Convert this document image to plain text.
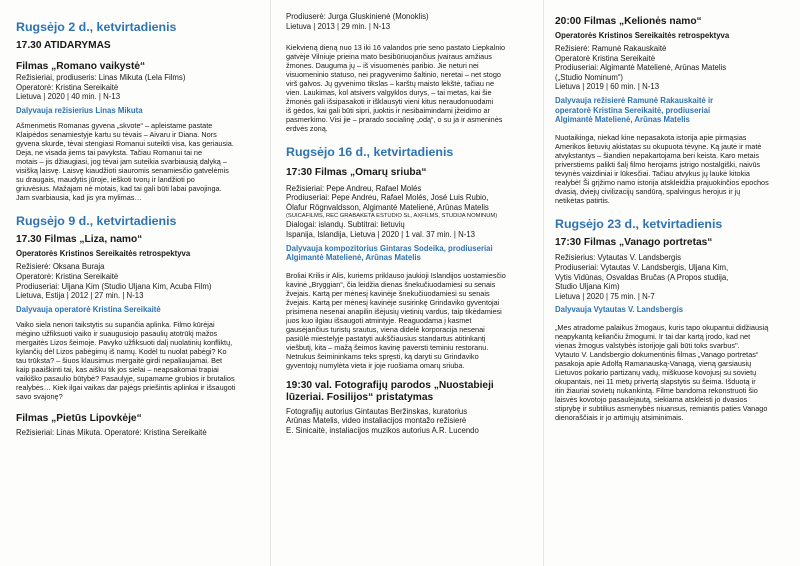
Rugsėjo 2 d., ketvirtadienis
17.30 ATIDARYMAS
Filmas „Romano vaikystė“
Režisieriai, prodiuseris: Linas Mikuta (Lela Films)
Operatorė: Kristina Sereikaitė
Lietuva | 2020 | 40 min. | N-13

Dalyvauja režisierius Linas Mikuta

Ašmenmetis Romanas gyvena „skvote“ – apleistame pastate
Klaipėdos senamiestyje kartu su tėvais – Aivaru ir Diana. Nors
gyvena skurde, tėvai stengiasi Romanui suteikti visa, kas geriausia.
Deja, ne visada jiems tai pavyksta. Tačiau Romanui tai ne
motais – jis džiaugiasi, jog tėvai jam suteikia svarbiausią dalyką –
visišką laisvę. Laisvę kiaudžioti siauromis senamiesčio gatvelėmis
su draugais, maudytis jūroje, ieškoti tvorų ir landžioti po
griuvėsius. Mažajam nė motais, kad tai gali būti labai pavojinga.
Jam svarbiausia, kad jis yra mylimas…
Rugsėjo 9 d., ketvirtadienis
17.30 Filmas „Liza, namo“

Operatorės Kristinos Sereikaitės retrospektyva

Režisierė: Oksana Buraja
Operatorė: Kristina Sereikaitė
Prodiuseriai: Uljana Kim (Studio Uljana Kim, Acuba Film)
Lietuva, Estija | 2012 | 27 min. | N-13

Dalyvauja operatorė Kristina Sereikaitė

Vaiko siela nenori taikstytis su supančia aplinka. Filmo kūrėjai
mėgino užfiksuoti vaiko ir suaugusiojo pasaulių atotrūkį mažos
mergaitės Lizos šeimoje. Pavyko užfiksuoti dalį nuolatinių konfliktų,
kylančių dėl Lizos pabėgimų iš namų. Kodėl tu nuolat pabėgi? Ko
tau trūksta? – šiuos klausimus mergaitė girdi nepaliaujamai. Bet
kaip paaiškinti tai, kas aišku tik jos sielai – neapsakomai trapiai
vaikiško pasaulio būtybė? Pasaulyje, supamame grubios ir brutalios
realybės… Kiek ilgai vaikas dar pajėgs priešintis aplinkai ir išsaugoti
savo svajonę?
Filmas „Pietūs Lipovkėje“

Režisieriai: Linas Mikuta. Operatorė: Kristina Sereikaitė

Prodiuserė: Jurga Gluskinienė (Monoklis)
Lietuva | 2013 | 29 min. | N-13
Kiekvieną dieną nuo 13 iki 16 valandos prie seno pastato Liepkalnio
gatvėje Vilniuje prieina mato besibūriuojančius įvairaus amžiaus
žmones. Dauguma jų – iš visuomenės paribio. Jie neturi nei
visuomeninio statuso, nei pragyvenimo šaltinio, neretai – net stogo
virš galvos. Jų gyvenimo tikslas – karštų maisto lėkštė, tačiau ne
vien. Laukimas, kol atsivers valgyklos durys, – tai metas, kai šie
žmonės gali išsipasakoti ir išklausyti vieni kitus neraudonuodami
iš gėdos, kai gali būti sipri, juoktis ir nesibaimindami įžeidimo ar
pasmerkimo. Visi jie – prarado socialinę „odą“, o su ja ir asmeninės
erdvės zoną.
Rugsėjo 16 d., ketvirtadienis
17:30 Filmas „Omarų sriuba“
Režisieriai: Pepe Andreu, Rafael Molés
Prodiuseriai: Pepe Andreu, Rafael Molés, José Luis Rubio,
Ólafur Rögnvaldsson, Algimantė Matelienė, Arūnas Matelis
(SUICAFILMS, REC GRABAKETA ESTUDIO SL, AXFILMS, STUDIJA NOMINUM)
Dialogai: islandų. Subtitrai: lietuvių
Ispanija, Islandija, Lietuva | 2020 | 1 val. 37 min. | N-13
Dalyvauja kompozitorius Gintaras Sodeika, prodiuseriai
Algimantė Matelienė, Arūnas Matelis
Broliai Krilis ir Alis, kuriems priklauso jaukioji Islandijos uostamiesčio
kavinė „Bryggian“, čia leidžia dienas šnekučiuodamiesi su senais
žvejais. Kartą per mėnesį kavinėje šnekučiuodamiesi su senais
žvejais. Kartą per mėnesį kavinėje susirinkę Grindaviko gyventojai
prisimena nesenai anapilin išėjusių vietinių vardus, taip tikėdamiesi
juos kuo ilgiau išsaugoti atmintyje. Reaguodama į kasmet
gausėjančius turistų srautus, viena didelė korporacija nesenai
pasiūlė miestelyje pastatyti aukščiausius standartus atitinkantį
viešbutį, kita – mažą šeimos kavinę paversti teminiu restoranu.
Netrukus šeimininkams teks spręsti, ką daryti su Grindaviko
gyventojų numylėta vieta ir joje ruošiama omarų sriuba.
19:30 val. Fotografijų parodos „Nuostabieji
lūzeriai. Fosilijos“ pristatymas
Fotografijų autorius Gintautas Beržinskas, kuratorius
Arūnas Matelis, video instaliacijos montažo režisierė
E. Sinicaitė, instaliacijos muzikos autorius A.R. Lucendo
20:00 Filmas „Kelionės namo“

Operatorės Kristinos Sereikaitės retrospektyva

Režisierė: Ramunė Rakauskaitė
Operatorė Kristina Sereikaitė
Prodiuseriai: Algimantė Matelienė, Arūnas Matelis
(„Studio Nominum“)
Lietuva | 2019 | 60 min. | N-13
Dalyvauja režisierė Ramunė Rakauskaitė ir
operatorė Kristina Sereikaitė, prodiuseriai
Algimantė Matelienė, Arūnas Matelis
Nuotaikinga, niekad kine nepasakota istorija apie pirmąsias
Amerikos lietuvių akistatas su okupuota tėvyne. Ką jautė ir matė
atvykstantys – šiandien nepakartojama beri keista. Karo metais
priverstiems palikti šalį filmo herojams įstrigo nostalgiški, naivūs
tėvynės vaizdiniai ir lūkesčiai. Tačiau atvykus jų laukė kitokia
realybė! Ši grįžimo namo istorija atskleidžia prajuokinčios epochos
dvasią, dviejų civilizacijų sandūrą, spalvingus herojus ir jų
netikėtas patirtis.
Rugsėjo 23 d., ketvirtadienis
17:30 Filmas „Vanago portretas“
Režisierius: Vytautas V. Landsbergis
Prodiuseriai: Vytautas V. Landsbergis, Uljana Kim,
Vytis Vidūnas, Osvaldas Bručas (A Propos studija,
Studio Uljana Kim)
Lietuva | 2020 | 75 min. | N-7

Dalyvauja Vytautas V. Landsbergis

„Mes atradome palaikus žmogaus, kuris tapo okupantui didžiausią
neapykantą keliančiu žmogumi. Ir tai dar kartą įrodo, kad net
vienas žmogus valstybės istorijoje gali būti toks svarbus".
Vytauto V. Landsbergio dokumentinis filmas „Vanago portretas“
pasakoja apie Adolfą Ramanauską-Vanagą, vieną garsiausių
Lietuvos pokario partizanų vadų, miškuose kovojusį su sovietų
okupantais, nei 11 metų privertą slapstytis su šeima. Išduotą ir
itin žiauriai sovietų nukankintą. Filme bandoma rekonstruoti šio
laisvės kovotojo pasaulėjautą, siekiama atskleisti jo dvasios
stiprybę ir subtilius asmenybės niuansus, remiantis paties Vanago
dienoraščiais ir jo artimųjų atsiminimais.
